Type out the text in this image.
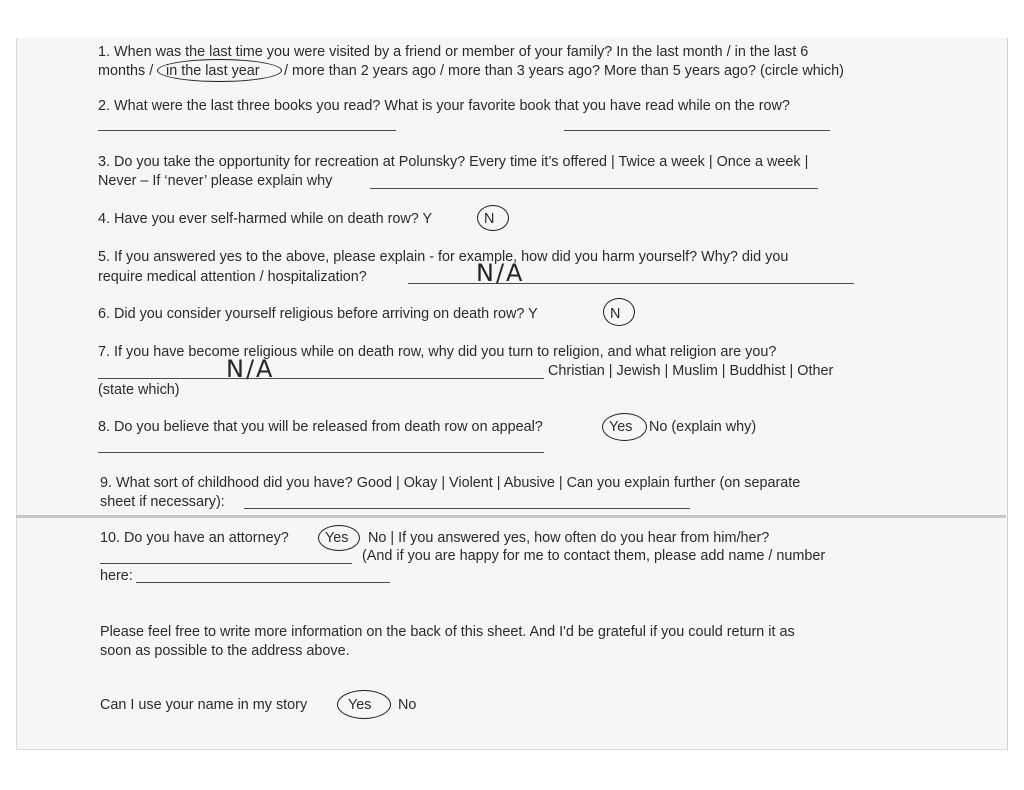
1. When was the last time you were visited by a friend or member of your family? In the last month / in the last 6
months / in the last year / more than 2 years ago / more than 3 years ago? More than 5 years ago? (circle which)
2. What were the last three books you read? What is your favorite book that you have read while on the row?
3. Do you take the opportunity for recreation at Polunsky? Every time it’s offered | Twice a week | Once a week |
Never – If ‘never’ please explain why
4. Have you ever self-harmed while on death row? Y	N
5. If you answered yes to the above, please explain - for example, how did you harm yourself? Why? did you
require medical attention / hospitalization?	N/A
6. Did you consider yourself religious before arriving on death row? Y	N
7. If you have become religious while on death row, why did you turn to religion, and what religion are you?
N/A	Christian | Jewish | Muslim | Buddhist | Other
(state which)
8. Do you believe that you will be released from death row on appeal?	Yes No (explain why)
9. What sort of childhood did you have? Good | Okay | Violent | Abusive | Can you explain further (on separate
sheet if necessary):
10. Do you have an attorney?	Yes No | If you answered yes, how often do you hear from him/her?
(And if you are happy for me to contact them, please add name / number
here:
Please feel free to write more information on the back of this sheet. And I'd be grateful if you could return it as
soon as possible to the address above.
Can I use your name in my story	Yes No
